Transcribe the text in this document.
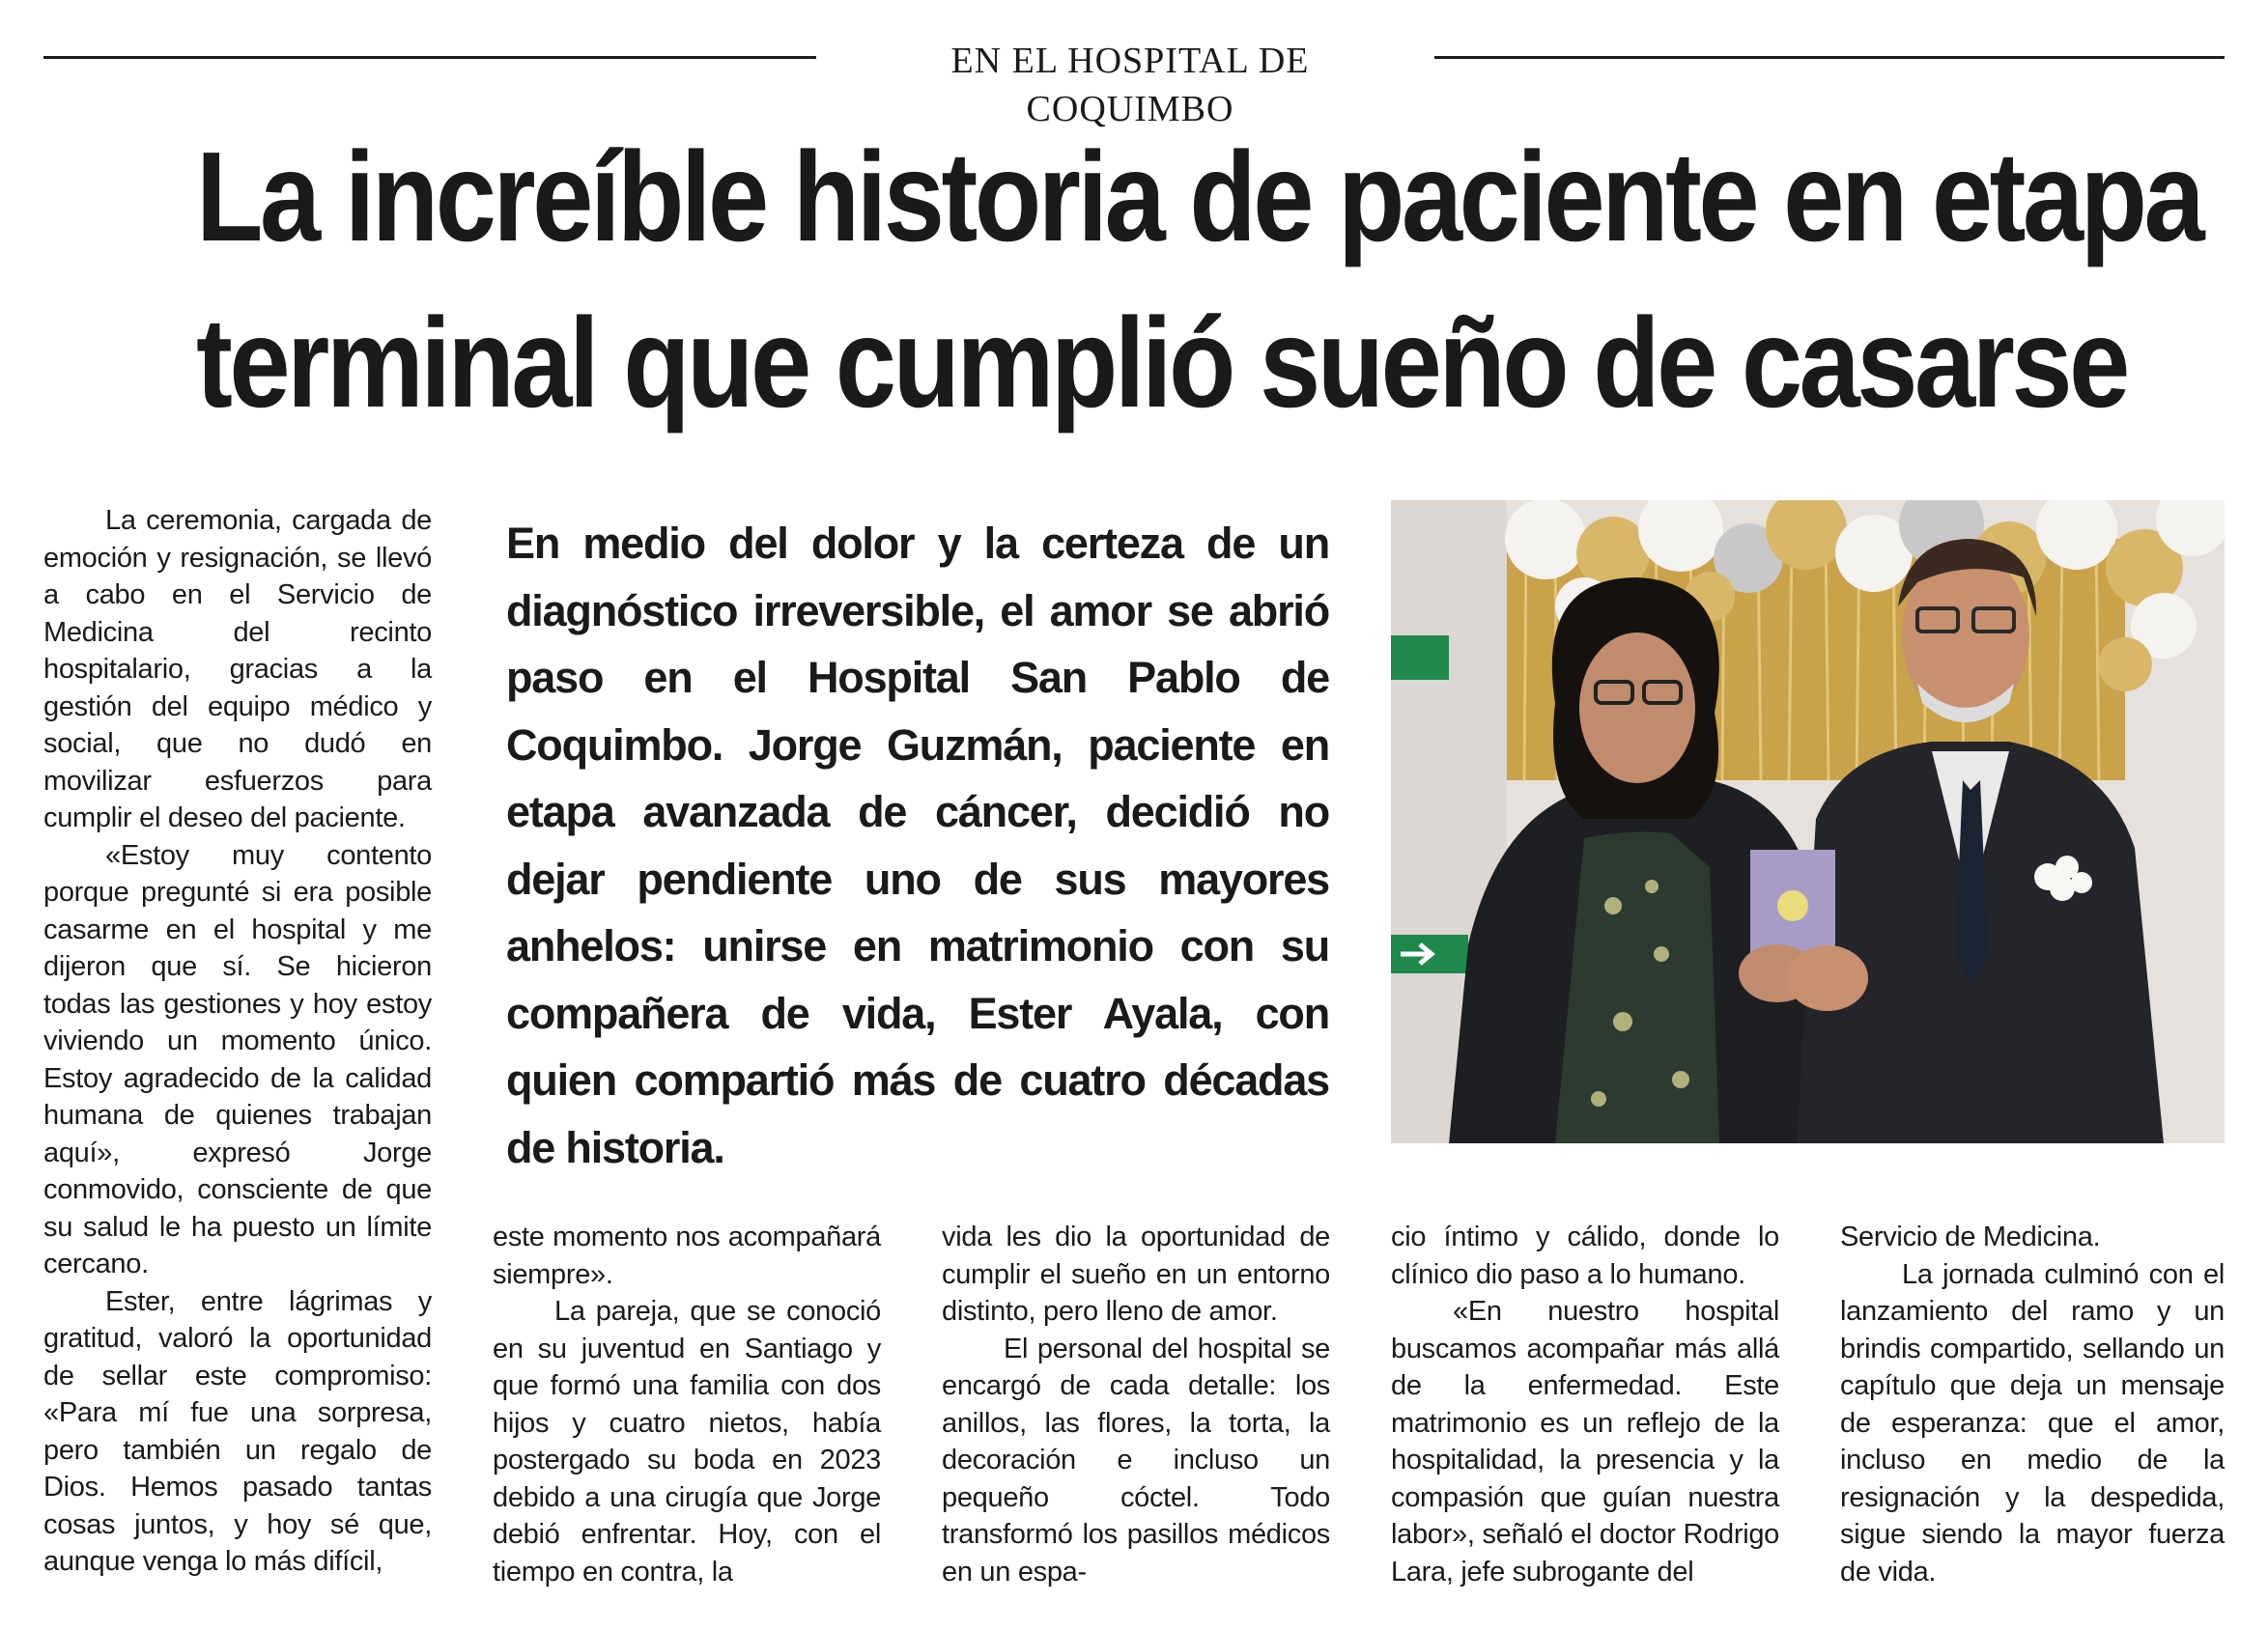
EN EL HOSPITAL DE COQUIMBO
La increíble historia de paciente en etapa
terminal que cumplió sueño de casarse

La ceremonia, cargada de emoción y resignación, se llevó a cabo en el Servicio de Medicina del recinto hospitalario, gracias a la gestión del equipo médico y social, que no dudó en movilizar esfuerzos para cumplir el deseo del paciente.

«Estoy muy contento porque pregunté si era posible casarme en el hospital y me dijeron que sí. Se hicieron todas las gestiones y hoy estoy viviendo un momento único. Estoy agradecido de la calidad humana de quienes trabajan aquí», expresó Jorge conmovido, consciente de que su salud le ha puesto un límite cercano.

Ester, entre lágrimas y gratitud, valoró la oportunidad de sellar este compromiso: «Para mí fue una sorpresa, pero también un regalo de Dios. Hemos pasado tantas cosas juntos, y hoy sé que, aunque venga lo más difícil,

En medio del dolor y la certeza de un diagnóstico irreversible, el amor se abrió paso en el Hospital San Pablo de Coquimbo. Jorge Guzmán, paciente en etapa avanzada de cáncer, decidió no dejar pendiente uno de sus mayores anhelos: unirse en matrimonio con su compañera de vida, Ester Ayala, con quien compartió más de cuatro décadas de historia.

este momento nos acompañará siempre».

La pareja, que se conoció en su juventud en Santiago y que formó una familia con dos hijos y cuatro nietos, había postergado su boda en 2023 debido a una cirugía que Jorge debió enfrentar. Hoy, con el tiempo en contra, la

vida les dio la oportunidad de cumplir el sueño en un entorno distinto, pero lleno de amor.

El personal del hospital se encargó de cada detalle: los anillos, las flores, la torta, la decoración e incluso un pequeño cóctel. Todo transformó los pasillos médicos en un espa-

cio íntimo y cálido, donde lo clínico dio paso a lo humano.

«En nuestro hospital buscamos acompañar más allá de la enfermedad. Este matrimonio es un reflejo de la hospitalidad, la presencia y la compasión que guían nuestra labor», señaló el doctor Rodrigo Lara, jefe subrogante del

Servicio de Medicina.

La jornada culminó con el lanzamiento del ramo y un brindis compartido, sellando un capítulo que deja un mensaje de esperanza: que el amor, incluso en medio de la resignación y la despedida, sigue siendo la mayor fuerza de vida.
